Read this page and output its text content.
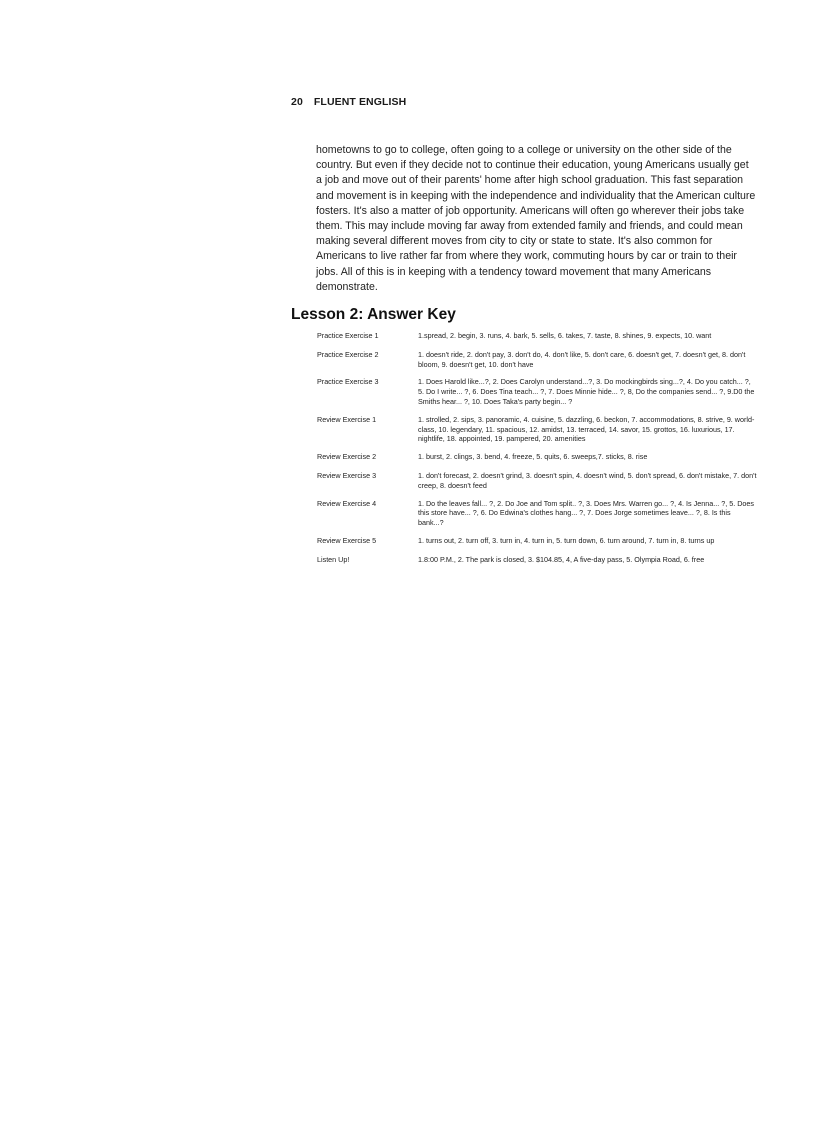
20 FLUENT ENGLISH

hometowns to go to college, often going to a college or university on the other side of the country. But even if they decide not to continue their education, young Americans usually get a job and move out of their parents' home after high school graduation. This fast separation and movement is in keeping with the independence and individuality that the American culture fosters. It's also a matter of job opportunity. Americans will often go wherever their jobs take them. This may include moving far away from extended family and friends, and could mean making several different moves from city to city or state to state. It's also common for Americans to live rather far from where they work, commuting hours by car or train to their jobs. All of this is in keeping with a tendency toward movement that many Americans demonstrate.

Lesson 2: Answer Key
Practice Exercise 1	1.spread, 2. begin, 3. runs, 4. bark, 5. sells, 6. takes, 7. taste, 8. shines, 9. expects, 10. want
Practice Exercise 2	1. doesn't ride, 2. don't pay, 3. don't do, 4. don't like, 5. don't care, 6. doesn't get, 7. doesn't get, 8. don't bloom, 9. doesn't get, 10. don't have
Practice Exercise 3	1. Does Harold like...?, 2. Does Carolyn understand...?, 3. Do mockingbirds sing...?, 4. Do you catch... ?, 5. Do I write... ?, 6. Does Tina teach... ?, 7. Does Minnie hide... ?, 8, Do the companies send... ?, 9.D0 the Smiths hear... ?, 10. Does Taka's party begin... ?
Review Exercise 1	1. strolled, 2. sips, 3. panoramic, 4. cuisine, 5. dazzling, 6. beckon, 7. accommodations, 8. strive, 9. world-class, 10. legendary, 11. spacious, 12. amidst, 13. terraced, 14. savor, 15. grottos, 16. luxurious, 17. nightlife, 18. appointed, 19. pampered, 20. amenities
Review Exercise 2	1. burst, 2. clings, 3. bend, 4. freeze, 5. quits, 6. sweeps,7. sticks, 8. rise
Review Exercise 3	1. don't forecast, 2. doesn't grind, 3. doesn't spin, 4. doesn't wind, 5. don't spread, 6. don't mistake, 7. don't creep, 8. doesn't feed
Review Exercise 4	1. Do the leaves fall... ?, 2. Do Joe and Tom split.. ?, 3. Does Mrs. Warren go... ?, 4. Is Jenna... ?, 5. Does this store have... ?, 6. Do Edwina's clothes hang... ?, 7. Does Jorge sometimes leave... ?, 8. Is this bank...?
Review Exercise 5	1. turns out, 2. turn off, 3. turn in, 4. turn in, 5. turn down, 6. turn around, 7. turn in, 8. turns up
Listen Up!	1.8:00 P.M., 2. The park is closed, 3. $104.85, 4, A five-day pass, 5. Olympia Road, 6. free
